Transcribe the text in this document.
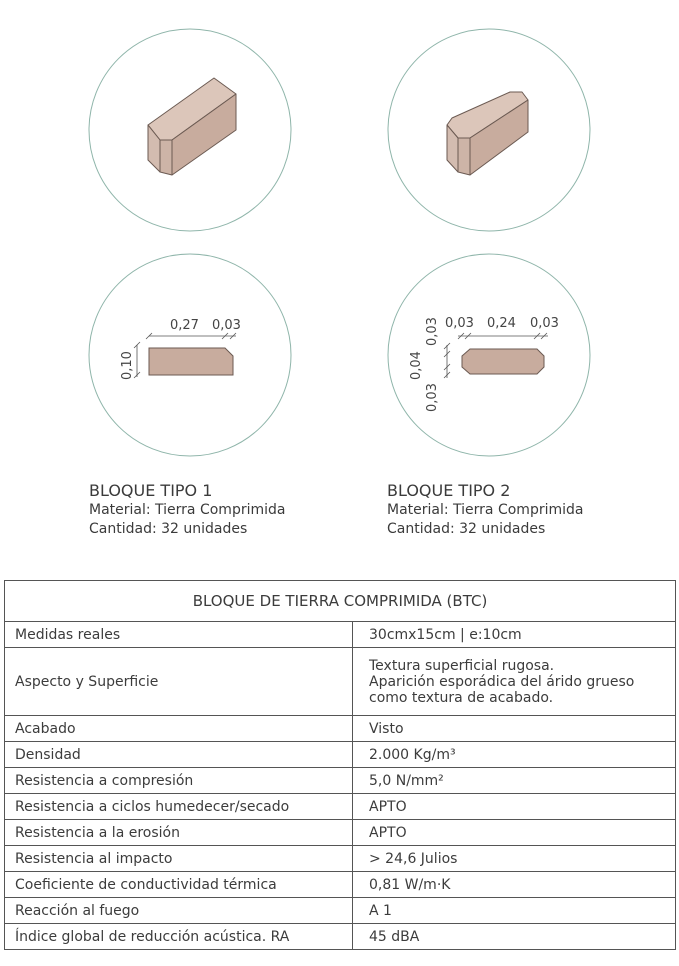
0,27 0,03
0,10
0,03 0,24 0,03
0,03
0,04
0,03
BLOQUE TIPO 1
Material: Tierra Comprimida
Cantidad: 32 unidades
BLOQUE TIPO 2
Material: Tierra Comprimida
Cantidad: 32 unidades
BLOQUE DE TIERRA COMPRIMIDA (BTC)	
Medidas reales	30cmx15cm | e:10cm
Aspecto y Superficie	Textura superficial rugosa.
Aparición esporádica del árido grueso
como textura de acabado.

Acabado	Visto
Densidad	2.000 Kg/m³
Resistencia a compresión	5,0 N/mm²
Resistencia a ciclos humedecer/secado	APTO
Resistencia a la erosión	APTO
Resistencia al impacto	> 24,6 Julios
Coeficiente de conductividad térmica	0,81 W/m·K
Reacción al fuego	A 1
Índice global de reducción acústica. RA	45 dBA
